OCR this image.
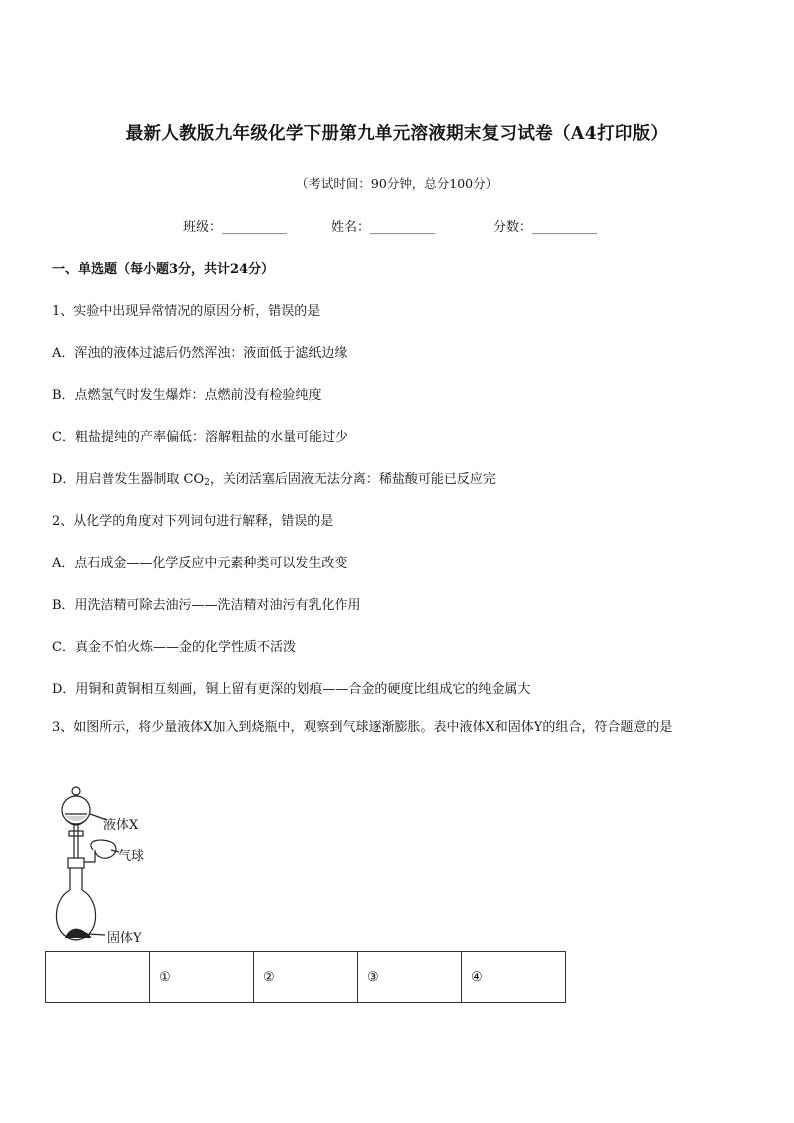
最新人教版九年级化学下册第九单元溶液期末复习试卷（A4打印版）
（考试时间：90分钟，总分100分）
班级：__________	姓名：__________	分数：__________
一、单选题（每小题3分，共计24分）
1、实验中出现异常情况的原因分析，错误的是
A．浑浊的液体过滤后仍然浑浊：液面低于滤纸边缘
B．点燃氢气时发生爆炸：点燃前没有检验纯度
C．粗盐提纯的产率偏低：溶解粗盐的水量可能过少
D．用启普发生器制取 $CO_2$，关闭活塞后固液无法分离：稀盐酸可能已反应完
2、从化学的角度对下列词句进行解释，错误的是
A．点石成金——化学反应中元素种类可以发生改变
B．用洗洁精可除去油污——洗洁精对油污有乳化作用
C．真金不怕火炼——金的化学性质不活泼
D．用铜和黄铜相互刻画，铜上留有更深的划痕——合金的硬度比组成它的纯金属大
3、如图所示，将少量液体X加入到烧瓶中，观察到气球逐渐膨胀。表中液体X和固体Y的组合，符合题意的是
液体X
气球
固体Y
	①	②	③	④
